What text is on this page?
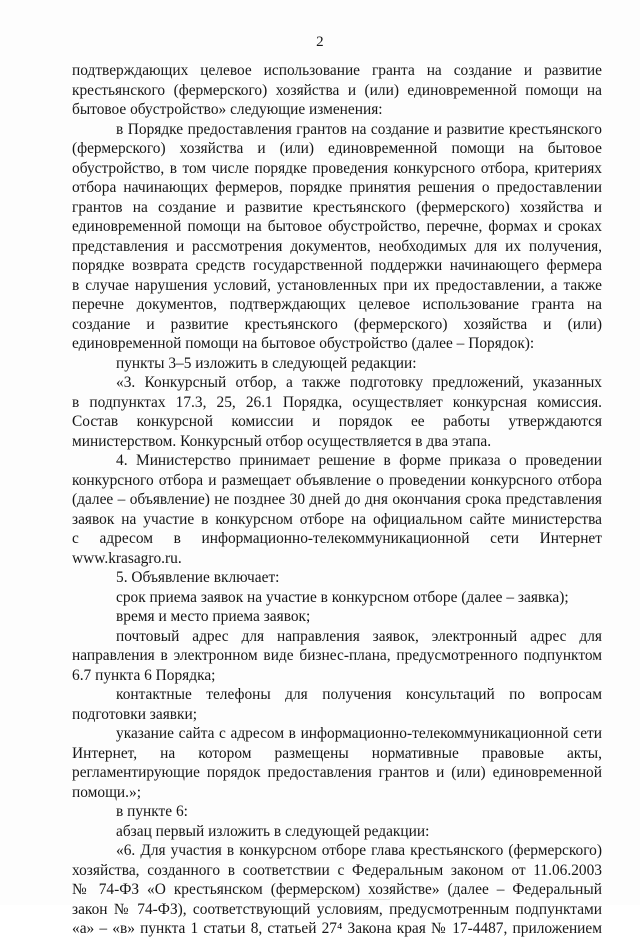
2
подтверждающих целевое использование гранта на создание и развитие
крестьянского (фермерского) хозяйства и (или) единовременной помощи на
бытовое обустройство» следующие изменения:
в Порядке предоставления грантов на создание и развитие крестьянского
(фермерского) хозяйства и (или) единовременной помощи на бытовое
обустройство, в том числе порядке проведения конкурсного отбора, критериях
отбора начинающих фермеров, порядке принятия решения о предоставлении
грантов на создание и развитие крестьянского (фермерского) хозяйства и
единовременной помощи на бытовое обустройство, перечне, формах и сроках
представления и рассмотрения документов, необходимых для их получения,
порядке возврата средств государственной поддержки начинающего фермера
в случае нарушения условий, установленных при их предоставлении, а также
перечне документов, подтверждающих целевое использование гранта на
создание и развитие крестьянского (фермерского) хозяйства и (или)
единовременной помощи на бытовое обустройство (далее – Порядок):
пункты 3–5 изложить в следующей редакции:
«3. Конкурсный отбор, а также подготовку предложений, указанных
в подпунктах 17.3, 25, 26.1 Порядка, осуществляет конкурсная комиссия.
Состав конкурсной комиссии и порядок ее работы утверждаются
министерством. Конкурсный отбор осуществляется в два этапа.
4. Министерство принимает решение в форме приказа о проведении
конкурсного отбора и размещает объявление о проведении конкурсного отбора
(далее – объявление) не позднее 30 дней до дня окончания срока представления
заявок на участие в конкурсном отборе на официальном сайте министерства
с адресом в информационно-телекоммуникационной сети Интернет
www.krasagro.ru.
5. Объявление включает:
срок приема заявок на участие в конкурсном отборе (далее – заявка);
время и место приема заявок;
почтовый адрес для направления заявок, электронный адрес для
направления в электронном виде бизнес-плана, предусмотренного подпунктом
6.7 пункта 6 Порядка;
контактные телефоны для получения консультаций по вопросам
подготовки заявки;
указание сайта с адресом в информационно-телекоммуникационной сети
Интернет, на котором размещены нормативные правовые акты,
регламентирующие порядок предоставления грантов и (или) единовременной
помощи.»;
в пункте 6:
абзац первый изложить в следующей редакции:
«6. Для участия в конкурсном отборе глава крестьянского (фермерского)
хозяйства, созданного в соответствии с Федеральным законом от 11.06.2003
№ 74-ФЗ «О крестьянском (фермерском) хозяйстве» (далее – Федеральный
закон № 74-ФЗ), соответствующий условиям, предусмотренным подпунктами
«а» – «в» пункта 1 статьи 8, статьей 27⁴ Закона края № 17-4487, приложением
